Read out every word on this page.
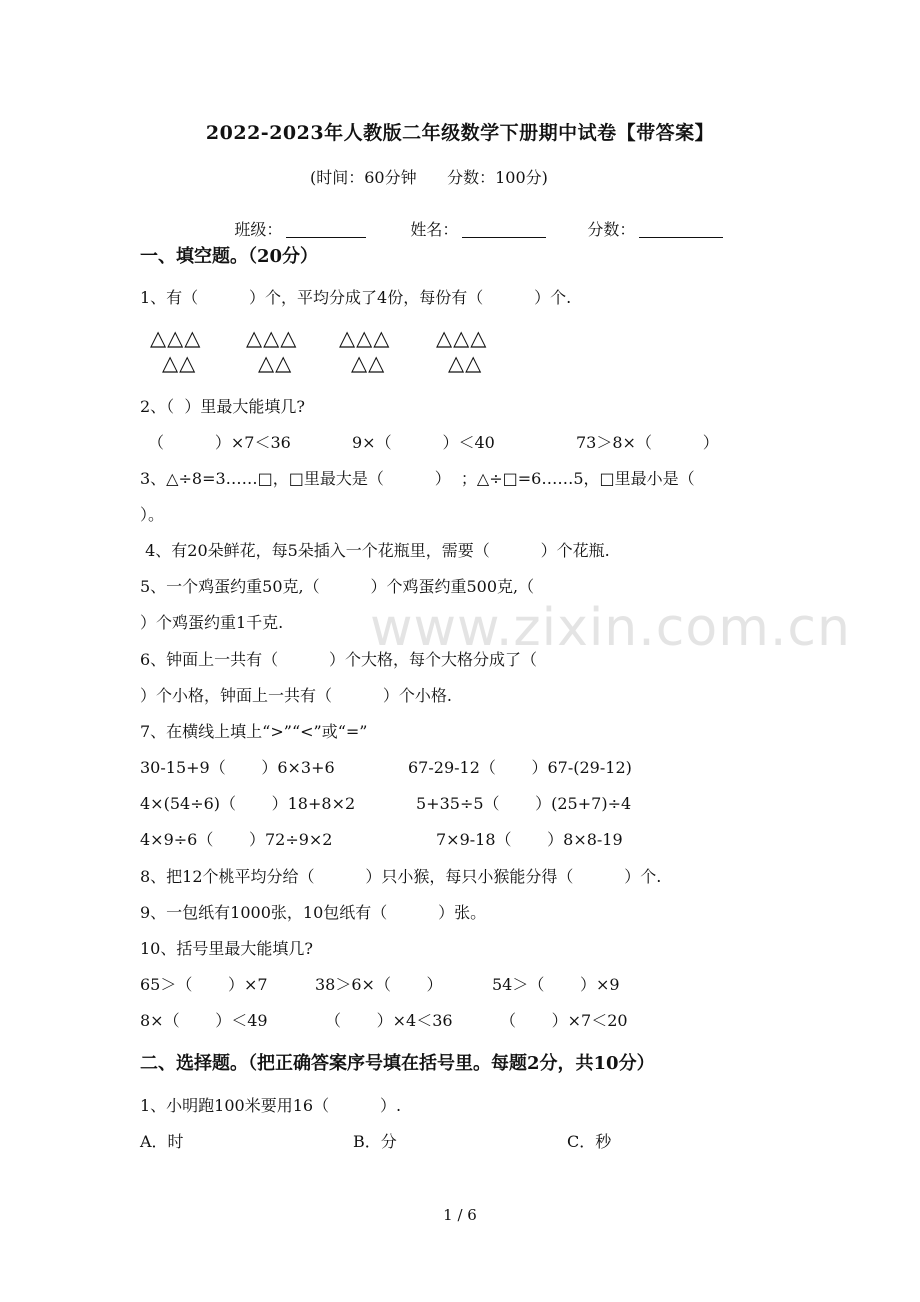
www.zixin.com.cn
2022-2023年人教版二年级数学下册期中试卷【带答案】
(时间：60分钟      分数：100分)

班级：
	姓名：
	分数：

一、填空题。（20分）
1、有（          ）个，平均分成了4份，每份有（          ）个.
△△△
△△
△△△
△△
△△△
△△
△△△
△△
2、（  ）里最大能填几?
（          ）×7＜36	9×（          ）＜40	73＞8×（          ）
3、△÷8=3……□，□里最大是（          ）  ；△÷□=6……5，□里最小是（
）。
4、有20朵鲜花，每5朵插入一个花瓶里，需要（          ）个花瓶.
5、一个鸡蛋约重50克,（          ）个鸡蛋约重500克,（
）个鸡蛋约重1千克.
6、钟面上一共有（          ）个大格，每个大格分成了（
）个小格，钟面上一共有（          ）个小格.
7、在横线上填上“>”“<”或“=”
30-15+9（       ）6×3+6	67-29-12（       ）67-(29-12)
4×(54÷6)（       ）18+8×2	5+35÷5（       ）(25+7)÷4
4×9÷6（       ）72÷9×2	7×9-18（       ）8×8-19
8、把12个桃平均分给（          ）只小猴，每只小猴能分得（          ）个.
9、一包纸有1000张，10包纸有（          ）张。
10、括号里最大能填几?
65＞（       ）×7	38＞6×（       ）	54＞（       ）×9
8×（       ）＜49	（       ）×4＜36	（       ）×7＜20
二、选择题。（把正确答案序号填在括号里。每题2分，共10分）
1、小明跑100米要用16（          ）.
A．时	B．分	C．秒
1 / 6
